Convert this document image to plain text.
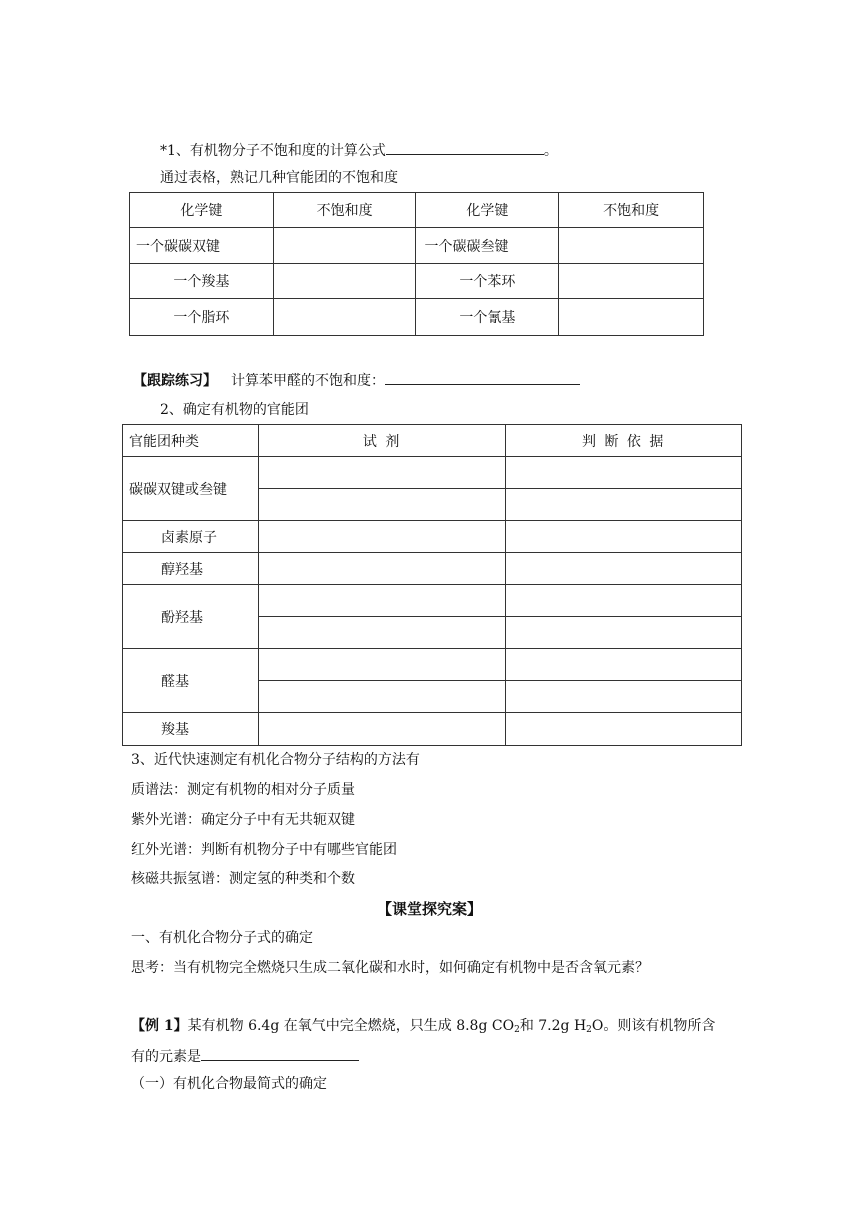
*1、有机物分子不饱和度的计算公式	。
通过表格，熟记几种官能团的不饱和度
化学键	不饱和度	化学键	不饱和度
一个碳碳双键		一个碳碳叁键	
一个羧基		一个苯环	
一个脂环		一个氰基	
【跟踪练习】 计算苯甲醛的不饱和度：
2、确定有机物的官能团
官能团种类	试 剂	判 断 依 据
碳碳双键或叁键		

卤素原子		
醇羟基		
酚羟基		

醛基		

羧基		
3、近代快速测定有机化合物分子结构的方法有
质谱法：测定有机物的相对分子质量
紫外光谱：确定分子中有无共轭双键
红外光谱：判断有机物分子中有哪些官能团
核磁共振氢谱：测定氢的种类和个数
【课堂探究案】
一、有机化合物分子式的确定
思考：当有机物完全燃烧只生成二氧化碳和水时，如何确定有机物中是否含氧元素？
【例 1】某有机物 6.4g 在氧气中完全燃烧，只生成 8.8g $CO_2$和 7.2g $H_2O$。则该有机物所含
有的元素是
（一）有机化合物最简式的确定
